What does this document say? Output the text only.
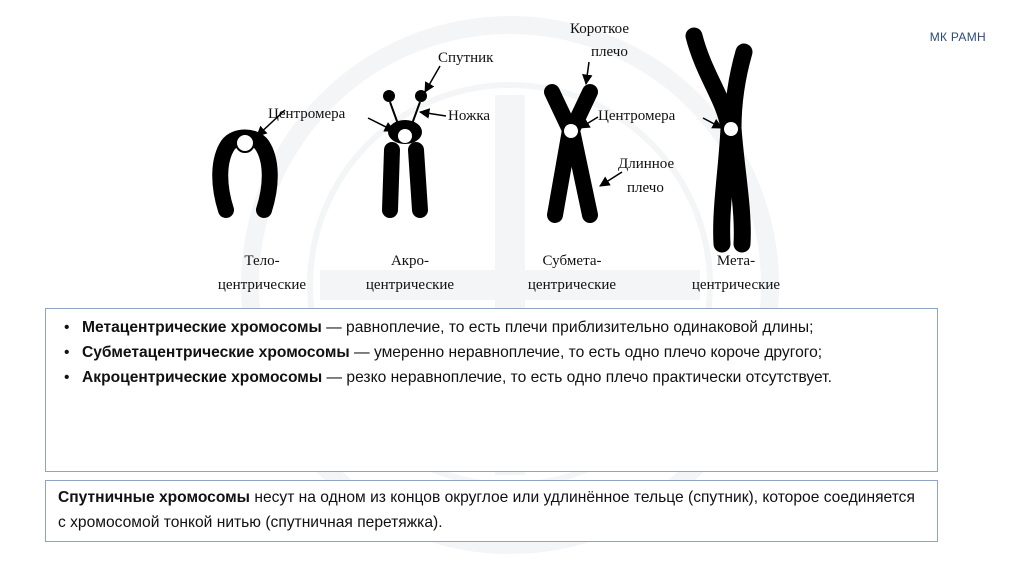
МК РАМН
Спутник
Ножка
Центромера
Короткое
плечо
Центромера
Длинное
плечо
Тело-
центрические
Акро-
центрические
Субмета-
центрические
Мета-
центрические
• Метацентрические хромосомы — равноплечие, то есть плечи приблизительно одинаковой длины;
• Субметацентрические хромосомы — умеренно неравноплечие, то есть одно плечо короче другого;
• Акроцентрические хромосомы — резко неравноплечие, то есть одно плечо практически отсутствует.
Спутничные хромосомы несут на одном из концов округлое или удлинённое тельце (спутник), которое соединяется с хромосомой тонкой нитью (спутничная перетяжка).
